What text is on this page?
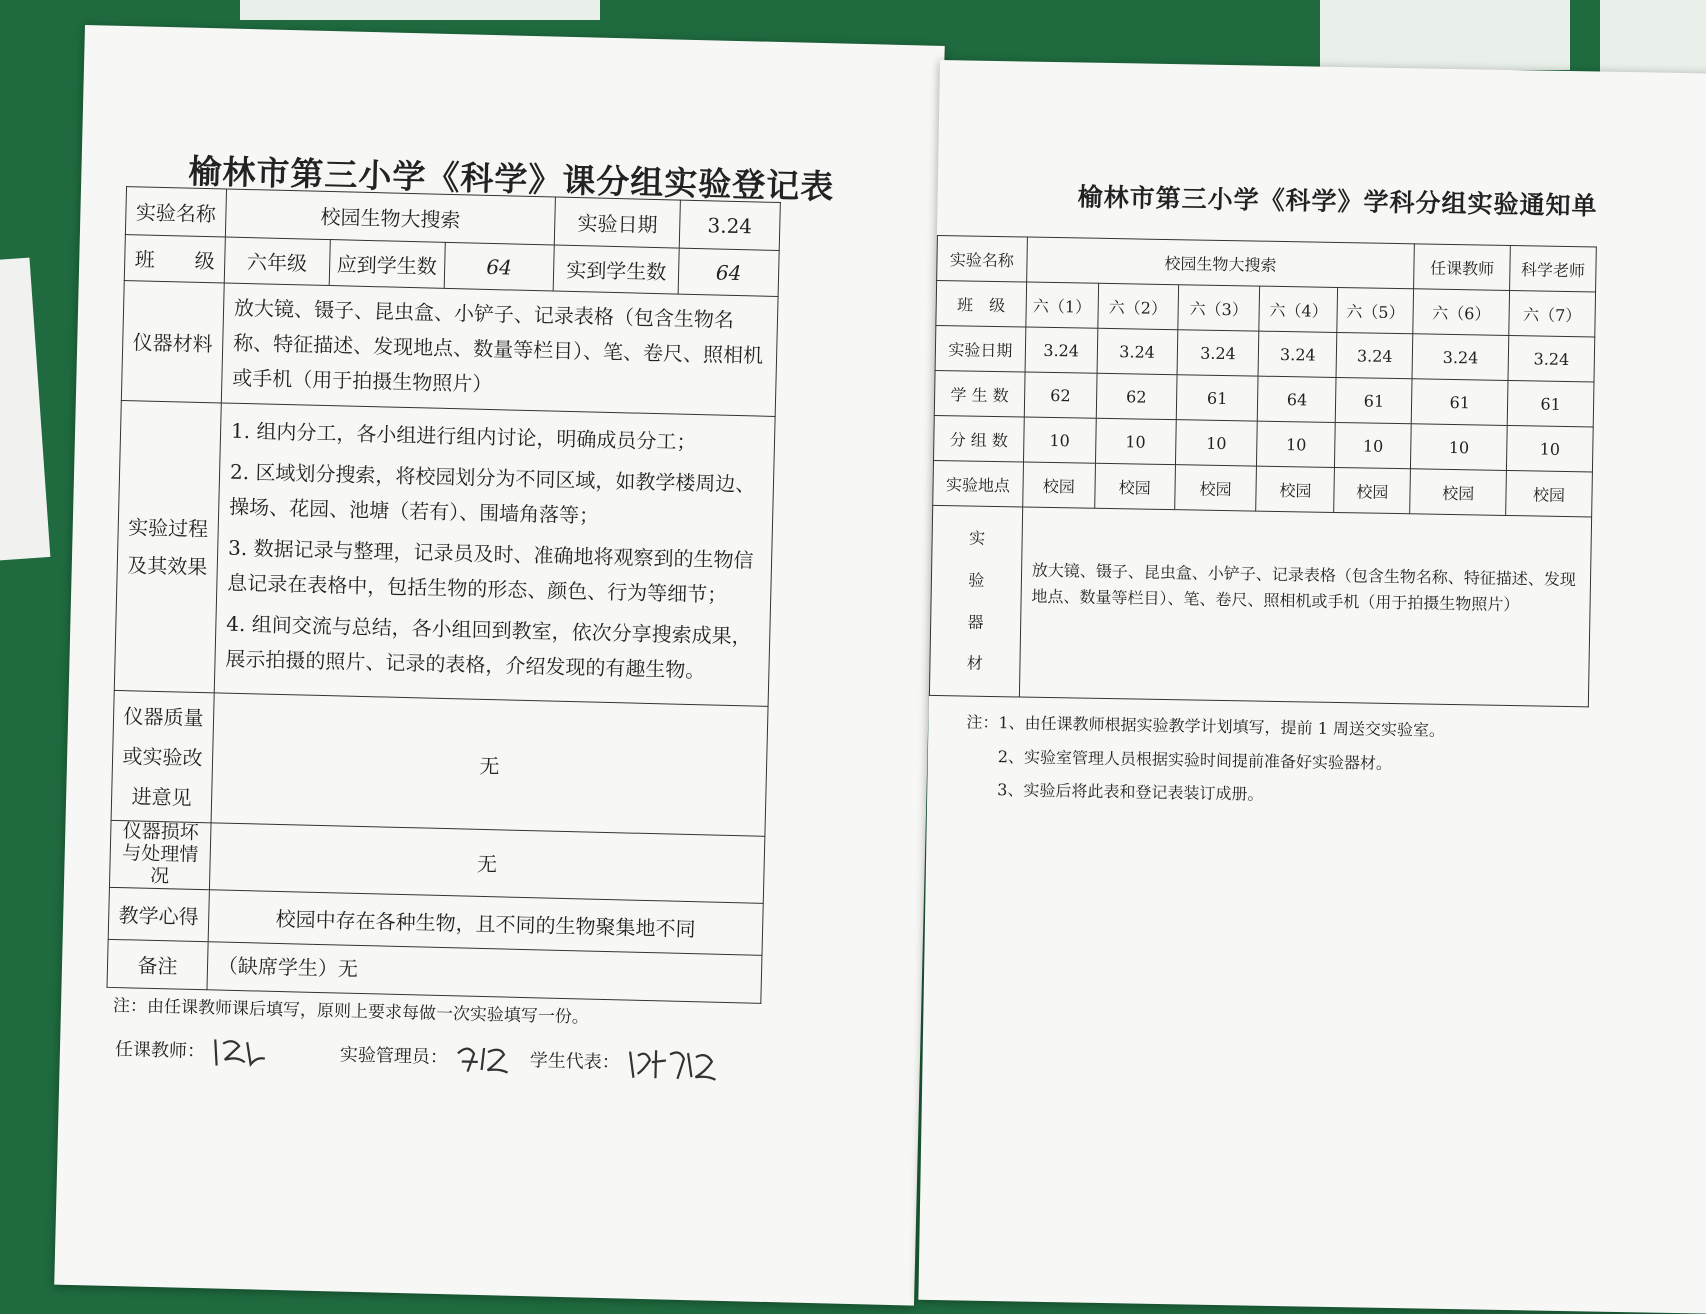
榆林市第三小学《科学》课分组实验登记表
实验名称	校园生物大搜索			实验日期	3.24
班　　级	六年级	应到学生数	64	实到学生数	64
仪器材料	放大镜、镊子、昆虫盒、小铲子、记录表格（包含生物名称、特征描述、发现地点、数量等栏目）、笔、卷尺、照相机或手机（用于拍摄生物照片）				
实验过程及其效果	1. 组内分工，各小组进行组内讨论，明确成员分工；

2. 区域划分搜索，将校园划分为不同区域，如教学楼周边、操场、花园、池塘（若有）、围墙角落等；

3. 数据记录与整理，记录员及时、准确地将观察到的生物信息记录在表格中，包括生物的形态、颜色、行为等细节；

4. 组间交流与总结，各小组回到教室，依次分享搜索成果，展示拍摄的照片、记录的表格，介绍发现的有趣生物。				

仪器质量或实验改进意见	无				
仪器损坏与处理情况	无				
教学心得	校园中存在各种生物，且不同的生物聚集地不同				
备注	（缺席学生）无				
注：由任课教师课后填写，原则上要求每做一次实验填写一份。
任课教师：	实验管理员：	学生代表：
榆林市第三小学《科学》学科分组实验通知单
实验名称	校园生物大搜索					任课教师	科学老师
班　级	六（1）	六（2）	六（3）	六（4）	六（5）	六（6）	六（7）
实验日期	3.24	3.24	3.24	3.24	3.24	3.24	3.24
学 生 数	62	62	61	64	61	61	61
分 组 数	10	10	10	10	10	10	10
实验地点	校园	校园	校园	校园	校园	校园	校园

实验器材	放大镜、镊子、昆虫盒、小铲子、记录表格（包含生物名称、特征描述、发现地点、数量等栏目）、笔、卷尺、照相机或手机（用于拍摄生物照片）						
注：1、由任课教师根据实验教学计划填写，提前 1 周送交实验室。
2、实验室管理人员根据实验时间提前准备好实验器材。
3、实验后将此表和登记表装订成册。
